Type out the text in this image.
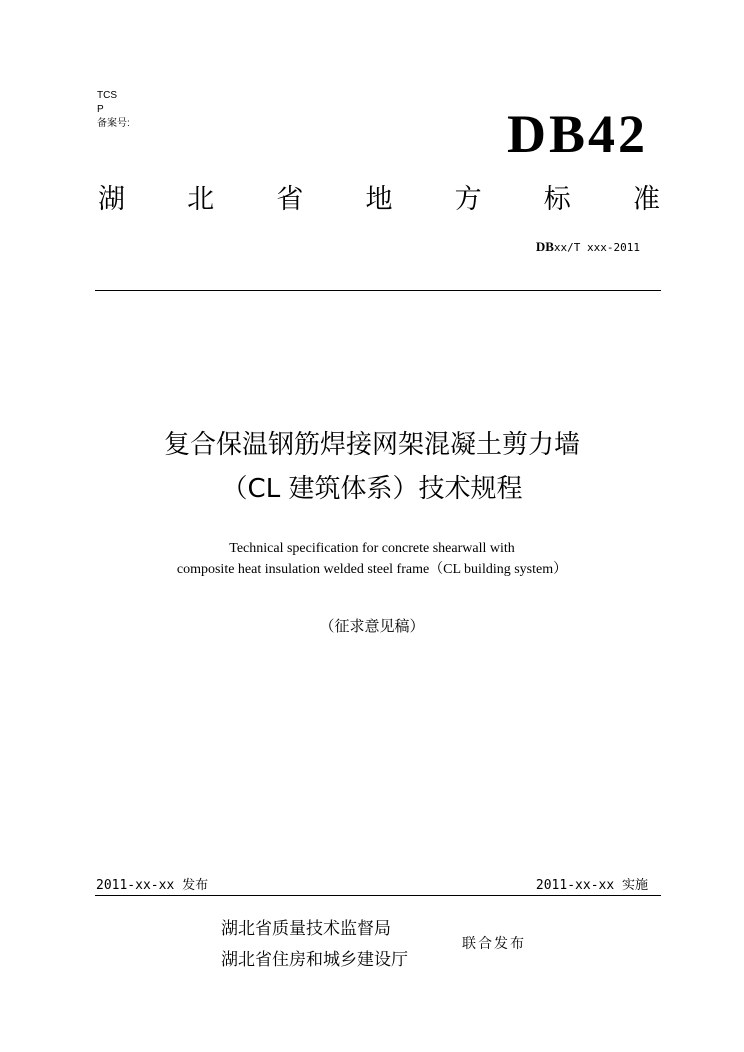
TCS
P
备案号:	DB42
湖 北 省 地 方 标 准
DBxx/T xxx-2011
复合保温钢筋焊接网架混凝土剪力墙
（CL 建筑体系）技术规程
Technical specification for concrete shearwall with
composite heat insulation welded steel frame（CL building system）
（征求意见稿）
2011-xx-xx 发布	2011-xx-xx 实施
湖北省质量技术监督局
湖北省住房和城乡建设厅
联合发布
